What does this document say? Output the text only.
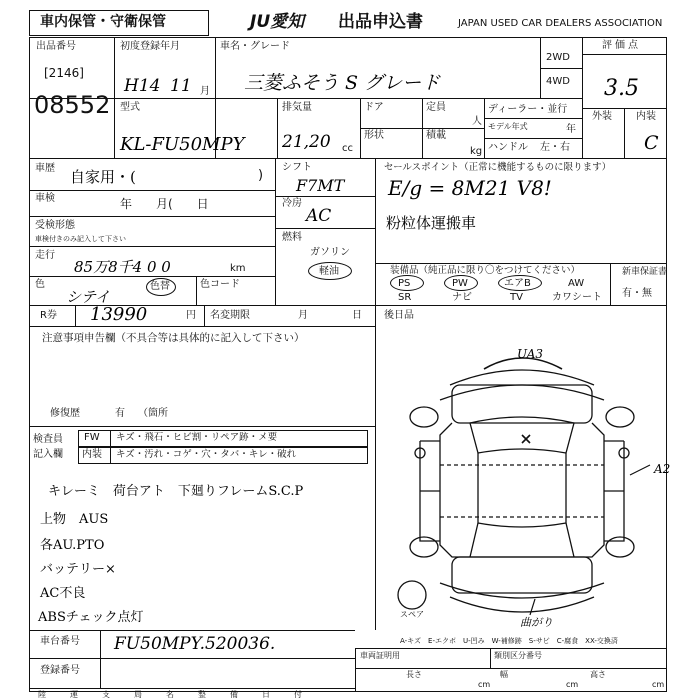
車内保管・守衛保管	JU愛知 出品申込書	JAPAN USED CAR DEALERS ASSOCIATION
出品番号
[2146]
08552
初度登録年月
H14 11 月
型式
KL-FU50MPY
車名・グレード
三菱ふそう S グレード
排気量
21,20 cc
ドア
形状
定員
人
積載
kg
2WD
4WD
ディーラー・並行
モデル年式	年
ハンドル 左・右
評価点
3.5
外装 内装
C
車歴 自家用・(	)
車検	年　　月(　　日
受検形態
車検付きのみ記入して下さい
走行
85万8千4 0 0	km
色
シテイ
色替	色コード
シフト
F7MT
冷房
AC
燃料
ガソリン
軽油
セールスポイント（正常に機能するものに限ります）
E/g = 8M21 V8!
粉粒体運搬車
装備品（純正品に限り〇をつけてください）
PS	PW	エアB	AW
SR	ナビ	TV	カワシート
新車保証書
有・無
R券 13990	円 名変期限	月	日 後日品
注意事項申告欄（不具合等は具体的に記入して下さい）
修復歴	有 （箇所
検査員
記入欄
FW キズ・飛石・ヒビ割・リペア跡・メ要
内装 キズ・汚れ・コゲ・穴・タバ・キレ・破れ
キレーミ　荷台アト　下廻りフレームS.C.P
上物　AUS
各AU.PTO
バッテリー×
AC不良
ABSチェック点灯
UA3
A2
スペア
曲がり
A-キズ　E-エクボ　U-凹み　W-補修跡　S-サビ　C-腐食　XX-交換済
車台番号 FU50MPY.520036.
登録番号
車両証明用	類別区分番号
長さ
cm
幅
cm
高さ
cm
陸	運	支	局	名	整	備	日	付
